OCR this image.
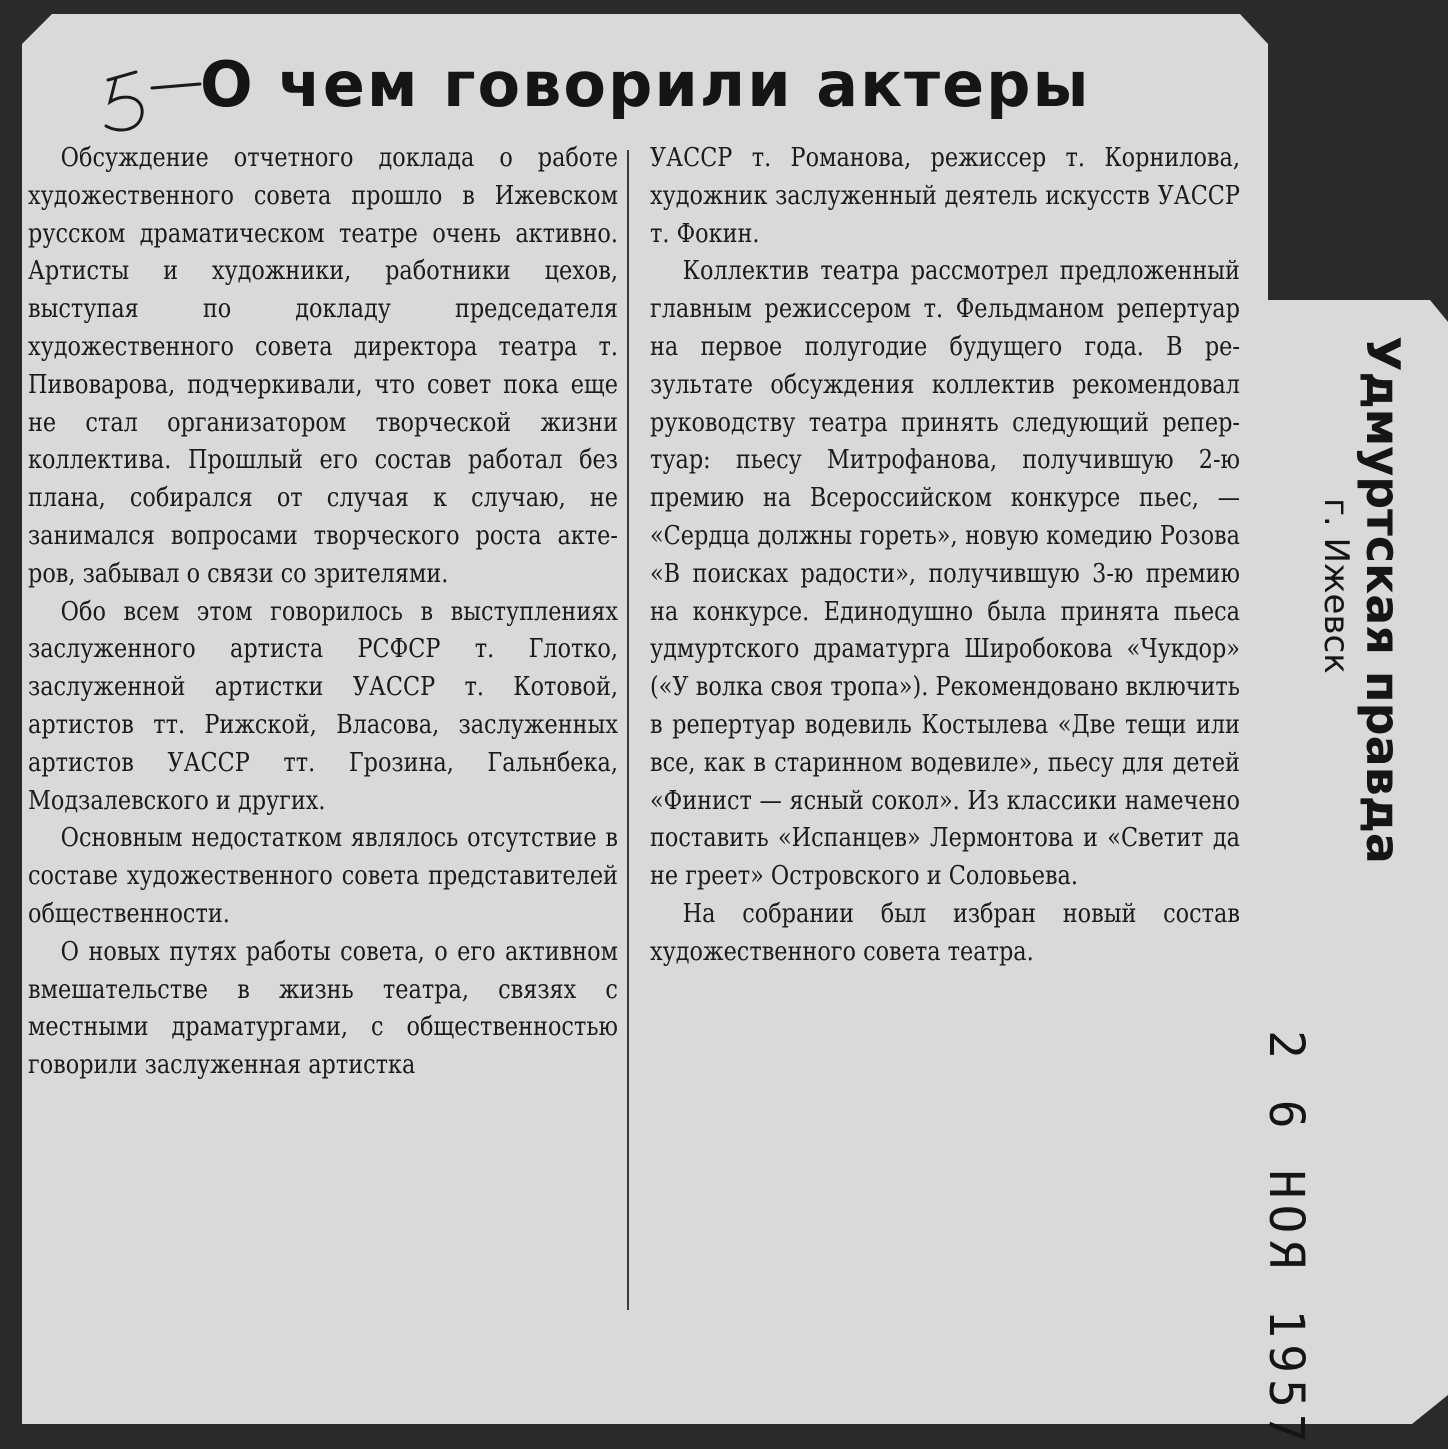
О чем говорили актеры

Обсуждение отчетного доклада о работе художественного совета прошло в Ижевском русском драматическом театре очень активно. Артисты и художники, работники цехов, выступая по докладу председателя художественного совета директора театра т. Пивоварова, подчеркивали, что совет пока еще не стал организатором творческой жизни коллектива. Прошлый его состав работал без плана, собирался от случая к случаю, не занимался вопросами творческого роста актеров, забывал о связи со зрителями.

Обо всем этом говорилось в выступлениях заслуженного артиста РСФСР т. Глотко, заслуженной артистки УАССР т. Котовой, артистов тт. Рижской, Власова, заслуженных артистов УАССР тт. Грозина, Гальнбека, Модзалевского и других.

Основным недостатком являлось отсутствие в составе художественного совета представителей общественности.

О новых путях работы совета, о его активном вмешательстве в жизнь театра, связях с местными драматургами, с общественностью говорили заслуженная артистка

УАССР т. Романова, режиссер т. Корнилова, художник заслуженный деятель искусств УАССР т. Фокин.

Коллектив театра рассмотрел предложенный главным режиссером т. Фельдманом репертуар на первое полугодие будущего года. В результате обсуждения коллектив рекомендовал руководству театра принять следующий репертуар: пьесу Митрофанова, получившую 2-ю премию на Всероссийском конкурсе пьес, — «Сердца должны гореть», новую комедию Розова «В поисках радости», получившую 3-ю премию на конкурсе. Единодушно была принята пьеса удмуртского драматурга Широбокова «Чукдор» («У волка своя тропа»). Рекомендовано включить в репертуар водевиль Костылева «Две тещи или все, как в старинном водевиле», пьесу для детей «Финист — ясный сокол». Из классики намечено поставить «Испанцев» Лермонтова и «Светит да не греет» Островского и Соловьева.

На собрании был избран новый состав художественного совета театра.

Удмуртская правда
г. Ижевск
2 6 НОЯ 1957
